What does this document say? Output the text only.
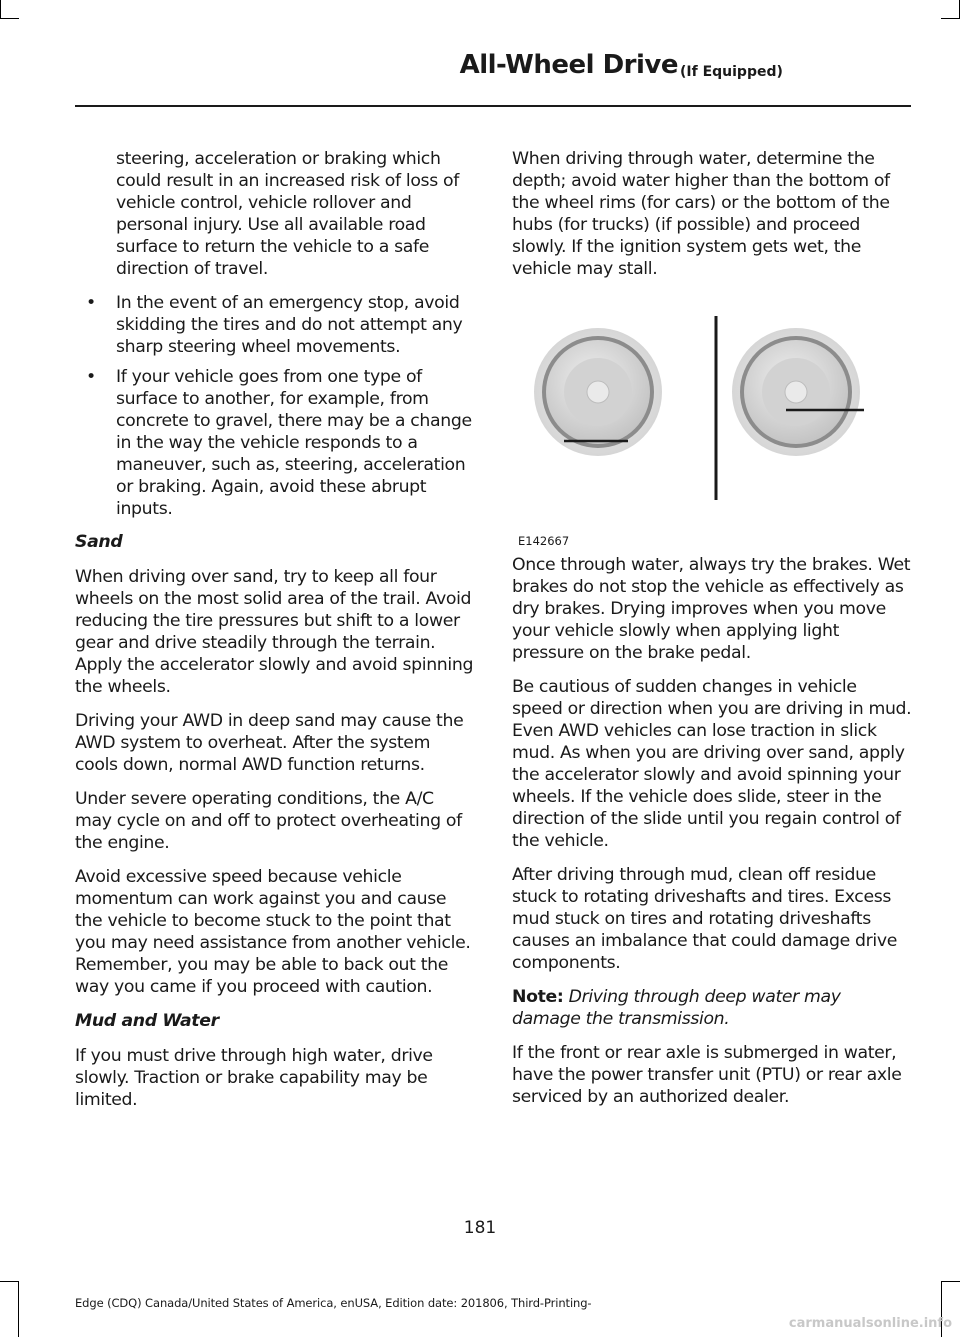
All-Wheel Drive (If Equipped)

steering, acceleration or braking which could result in an increased risk of loss of vehicle control, vehicle rollover and personal injury. Use all available road surface to return the vehicle to a safe direction of travel.

• In the event of an emergency stop, avoid skidding the tires and do not attempt any sharp steering wheel movements.
• If your vehicle goes from one type of surface to another, for example, from concrete to gravel, there may be a change in the way the vehicle responds to a maneuver, such as, steering, acceleration or braking. Again, avoid these abrupt inputs.
Sand

When driving over sand, try to keep all four wheels on the most solid area of the trail. Avoid reducing the tire pressures but shift to a lower gear and drive steadily through the terrain. Apply the accelerator slowly and avoid spinning the wheels.

Driving your AWD in deep sand may cause the AWD system to overheat. After the system cools down, normal AWD function returns.

Under severe operating conditions, the A/C may cycle on and off to protect overheating of the engine.

Avoid excessive speed because vehicle momentum can work against you and cause the vehicle to become stuck to the point that you may need assistance from another vehicle. Remember, you may be able to back out the way you came if you proceed with caution.

Mud and Water

If you must drive through high water, drive slowly. Traction or brake capability may be limited.

When driving through water, determine the depth; avoid water higher than the bottom of the wheel rims (for cars) or the bottom of the hubs (for trucks) (if possible) and proceed slowly. If the ignition system gets wet, the vehicle may stall.

E142667

Once through water, always try the brakes. Wet brakes do not stop the vehicle as effectively as dry brakes. Drying improves when you move your vehicle slowly when applying light pressure on the brake pedal.

Be cautious of sudden changes in vehicle speed or direction when you are driving in mud. Even AWD vehicles can lose traction in slick mud. As when you are driving over sand, apply the accelerator slowly and avoid spinning your wheels. If the vehicle does slide, steer in the direction of the slide until you regain control of the vehicle.

After driving through mud, clean off residue stuck to rotating driveshafts and tires. Excess mud stuck on tires and rotating driveshafts causes an imbalance that could damage drive components.

Note: Driving through deep water may damage the transmission.

If the front or rear axle is submerged in water, have the power transfer unit (PTU) or rear axle serviced by an authorized dealer.

181
Edge (CDQ) Canada/United States of America, enUSA, Edition date: 201806, Third-Printing-
carmanualsonline.info
